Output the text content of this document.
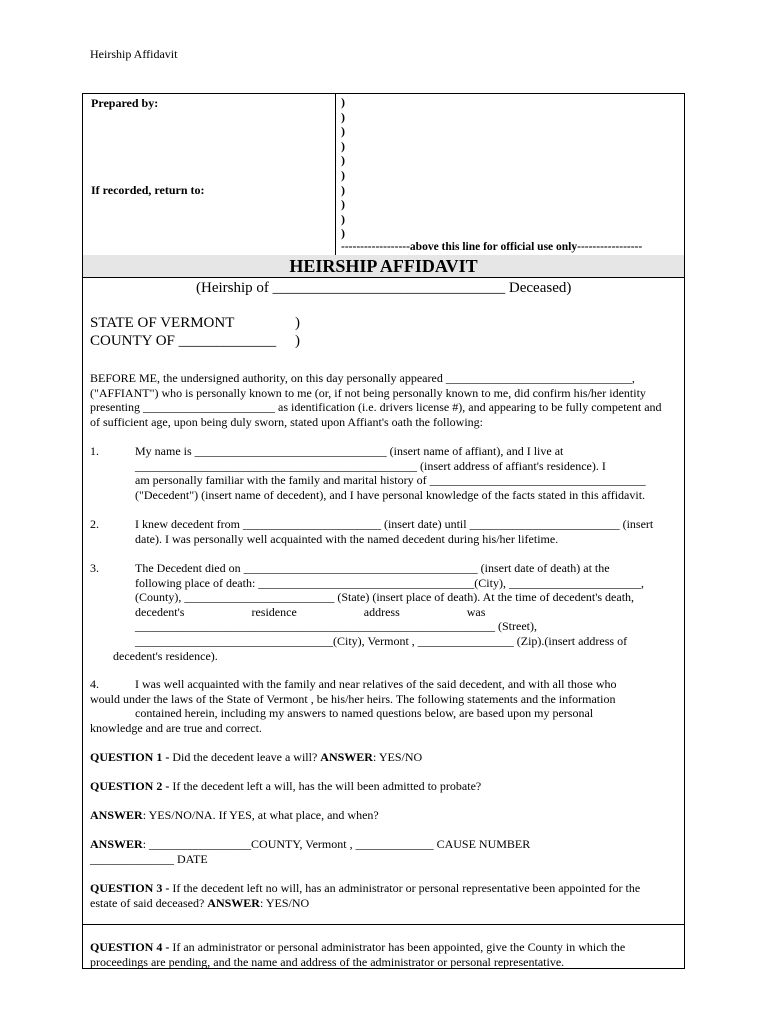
Heirship Affidavit
Prepared by:
If recorded, return to:
)
)
)
)
)
)
)
)
)
)
------------------above this line for official use only-----------------
HEIRSHIP AFFIDAVIT
(Heirship of _______________________________ Deceased)
STATE OF VERMONT	)
COUNTY OF _____________ )
BEFORE ME, the undersigned authority, on this day personally appeared _______________________________,
("AFFIANT") who is personally known to me (or, if not being personally known to me, did confirm his/her identity
presenting ______________________ as identification (i.e. drivers license #), and appearing to be fully competent and
of sufficient age, upon being duly sworn, stated upon Affiant's oath the following:
1.	My name is ________________________________ (insert name of affiant), and I live at
_______________________________________________ (insert address of affiant's residence). I
am personally familiar with the family and marital history of ____________________________________
("Decedent") (insert name of decedent), and I have personal knowledge of the facts stated in this affidavit.
2.	I knew decedent from _______________________ (insert date) until _________________________ (insert
date). I was personally well acquainted with the named decedent during his/her lifetime.
3.	The Decedent died on _______________________________________ (insert date of death) at the
following place of death: ____________________________________(City), ______________________,
(County), _________________________ (State) (insert place of death). At the time of decedent's death,
decedent's residence address was
____________________________________________________________ (Street),
_________________________________(City), Vermont , ________________ (Zip).(insert address of
decedent's residence).
4.	I was well acquainted with the family and near relatives of the said decedent, and with all those who
would under the laws of the State of Vermont , be his/her heirs. The following statements and the information
contained herein, including my answers to named questions below, are based upon my personal
knowledge and are true and correct.
QUESTION 1 - Did the decedent leave a will? ANSWER: YES/NO
QUESTION 2 - If the decedent left a will, has the will been admitted to probate?
ANSWER: YES/NO/NA. If YES, at what place, and when?
ANSWER: _________________COUNTY, Vermont , _____________ CAUSE NUMBER
______________ DATE
QUESTION 3 - If the decedent left no will, has an administrator or personal representative been appointed for the
estate of said deceased? ANSWER: YES/NO
QUESTION 4 - If an administrator or personal administrator has been appointed, give the County in which the
proceedings are pending, and the name and address of the administrator or personal representative.
